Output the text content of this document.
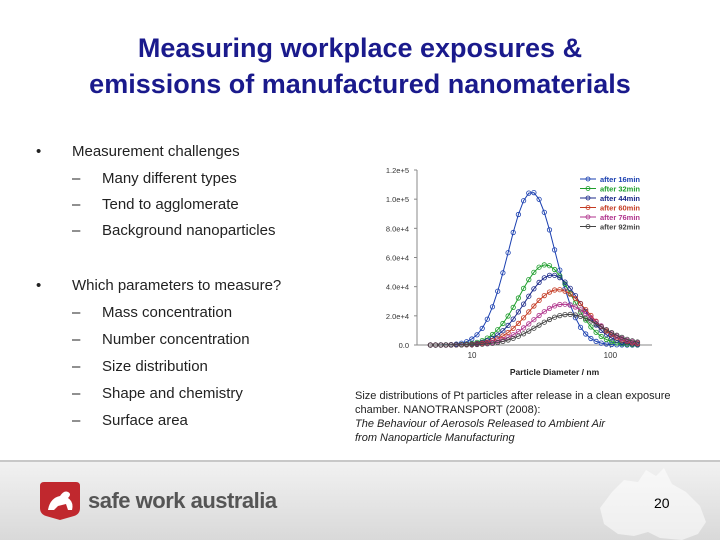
Measuring workplace exposures &
emissions of manufactured nanomaterials
• Measurement challenges
– Many different types
– Tend to agglomerate
– Background nanoparticles
• Which parameters to measure?
– Mass concentration
– Number concentration
– Size distribution
– Shape and chemistry
– Surface area
0.0
2.0e+4
4.0e+4
6.0e+4
8.0e+4
1.0e+5
1.2e+5
10	100
Particle Diameter / nm
after 16min
after 32min
after 44min
after 60min
after 76min
after 92min
Size distributions of Pt particles after release in a clean exposure
chamber. NANOTRANSPORT (2008):
The Behaviour of Aerosols Released to Ambient Air
from Nanoparticle Manufacturing
safe work australia	20
